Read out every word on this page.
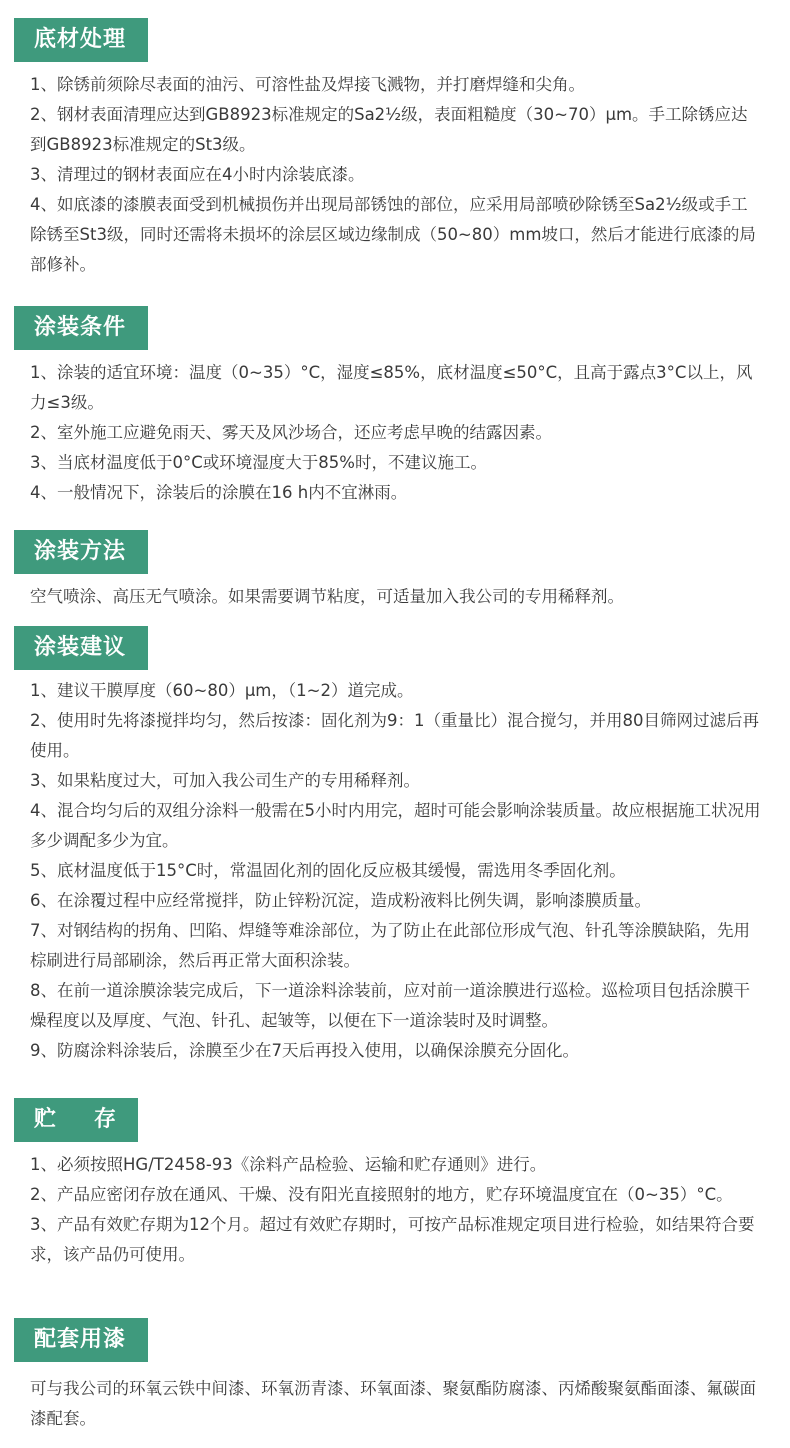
底材处理

1、除锈前须除尽表面的油污、可溶性盐及焊接飞溅物，并打磨焊缝和尖角。

2、钢材表面清理应达到GB8923标准规定的Sa2½级，表面粗糙度（30~70）μm。手工除锈应达到GB8923标准规定的St3级。

3、清理过的钢材表面应在4小时内涂装底漆。

4、如底漆的漆膜表面受到机械损伤并出现局部锈蚀的部位，应采用局部喷砂除锈至Sa2½级或手工除锈至St3级，同时还需将未损坏的涂层区域边缘制成（50~80）mm坡口，然后才能进行底漆的局部修补。

涂装条件

1、涂装的适宜环境：温度（0~35）°C，湿度≤85%，底材温度≤50°C，且高于露点3°C以上，风力≤3级。

2、室外施工应避免雨天、雾天及风沙场合，还应考虑早晚的结露因素。

3、当底材温度低于0°C或环境湿度大于85%时，不建议施工。

4、一般情况下，涂装后的涂膜在16 h内不宜淋雨。

涂装方法

空气喷涂、高压无气喷涂。如果需要调节粘度，可适量加入我公司的专用稀释剂。

涂装建议

1、建议干膜厚度（60~80）μm，（1~2）道完成。

2、使用时先将漆搅拌均匀，然后按漆：固化剂为9：1（重量比）混合搅匀，并用80目筛网过滤后再使用。

3、如果粘度过大，可加入我公司生产的专用稀释剂。

4、混合均匀后的双组分涂料一般需在5小时内用完，超时可能会影响涂装质量。故应根据施工状况用多少调配多少为宜。

5、底材温度低于15°C时，常温固化剂的固化反应极其缓慢，需选用冬季固化剂。

6、在涂覆过程中应经常搅拌，防止锌粉沉淀，造成粉液料比例失调，影响漆膜质量。

7、对钢结构的拐角、凹陷、焊缝等难涂部位，为了防止在此部位形成气泡、针孔等涂膜缺陷，先用棕刷进行局部刷涂，然后再正常大面积涂装。

8、在前一道涂膜涂装完成后，下一道涂料涂装前，应对前一道涂膜进行巡检。巡检项目包括涂膜干燥程度以及厚度、气泡、针孔、起皱等，以便在下一道涂装时及时调整。

9、防腐涂料涂装后，涂膜至少在7天后再投入使用，以确保涂膜充分固化。

贮 存

1、必须按照HG/T2458-93《涂料产品检验、运输和贮存通则》进行。

2、产品应密闭存放在通风、干燥、没有阳光直接照射的地方，贮存环境温度宜在（0~35）°C。

3、产品有效贮存期为12个月。超过有效贮存期时，可按产品标准规定项目进行检验，如结果符合要求，该产品仍可使用。

配套用漆

可与我公司的环氧云铁中间漆、环氧沥青漆、环氧面漆、聚氨酯防腐漆、丙烯酸聚氨酯面漆、氟碳面漆配套。
